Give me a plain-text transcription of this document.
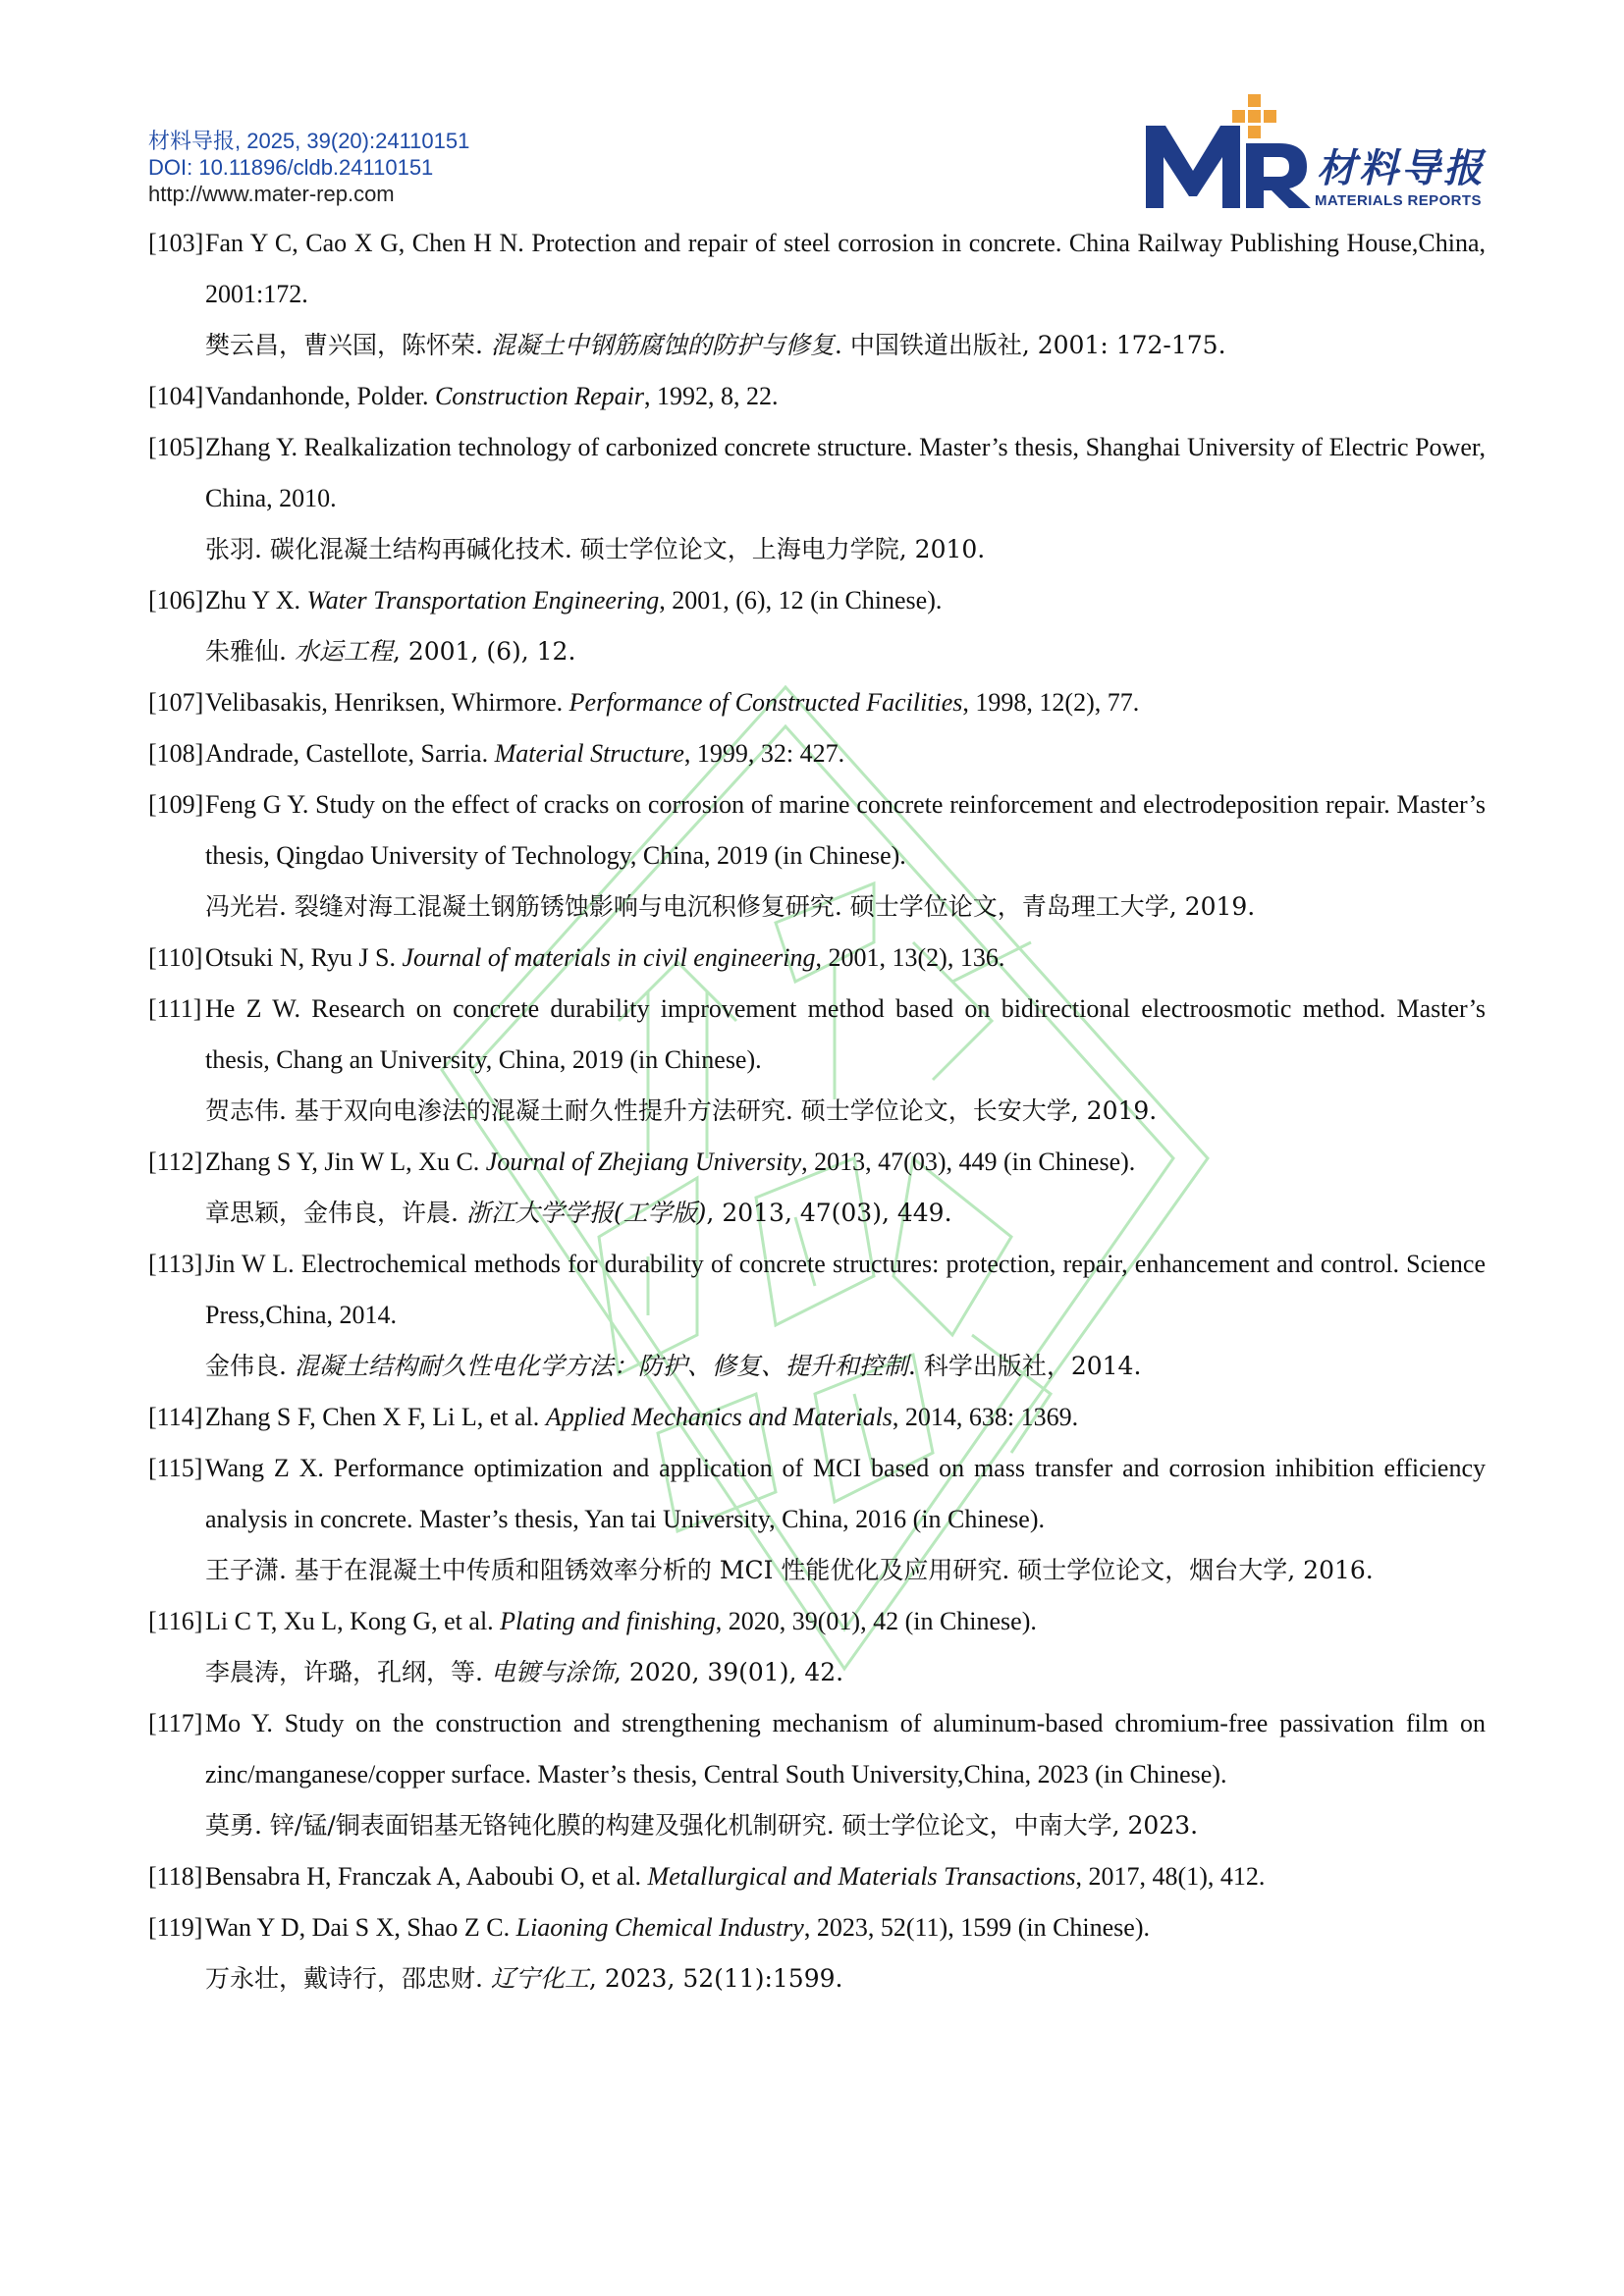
材料导报, 2025, 39(20):24110151
DOI: 10.11896/cldb.24110151
http://www.mater-rep.com
材料导报
MATERIALS REPORTS
[103] Fan Y C, Cao X G, Chen H N. Protection and repair of steel corrosion in concrete. China Railway Publishing House,China, 2001:172.
樊云昌，曹兴国，陈怀荣. 混凝土中钢筋腐蚀的防护与修复. 中国铁道出版社, 2001: 172-175.
[104] Vandanhonde, Polder. Construction Repair, 1992, 8, 22.
[105] Zhang Y. Realkalization technology of carbonized concrete structure. Master’s thesis, Shanghai University of Electric Power, China, 2010.
张羽. 碳化混凝土结构再碱化技术. 硕士学位论文，上海电力学院, 2010.
[106] Zhu Y X. Water Transportation Engineering, 2001, (6), 12 (in Chinese).
朱雅仙. 水运工程, 2001, (6), 12.
[107] Velibasakis, Henriksen, Whirmore. Performance of Constructed Facilities, 1998, 12(2), 77.
[108] Andrade, Castellote, Sarria. Material Structure, 1999, 32: 427.
[109] Feng G Y. Study on the effect of cracks on corrosion of marine concrete reinforcement and electrodeposition repair. Master’s thesis, Qingdao University of Technology, China, 2019 (in Chinese).
冯光岩. 裂缝对海工混凝土钢筋锈蚀影响与电沉积修复研究. 硕士学位论文，青岛理工大学, 2019.
[110] Otsuki N, Ryu J S. Journal of materials in civil engineering, 2001, 13(2), 136.
[111] He Z W. Research on concrete durability improvement method based on bidirectional electroosmotic method. Master’s thesis, Chang an University, China, 2019 (in Chinese).
贺志伟. 基于双向电渗法的混凝土耐久性提升方法研究. 硕士学位论文，长安大学, 2019.
[112] Zhang S Y, Jin W L, Xu C. Journal of Zhejiang University, 2013, 47(03), 449 (in Chinese).
章思颖，金伟良，许晨. 浙江大学学报(工学版), 2013, 47(03), 449.
[113] Jin W L. Electrochemical methods for durability of concrete structures: protection, repair, enhancement and control. Science Press,China, 2014.
金伟良. 混凝土结构耐久性电化学方法：防护、修复、提升和控制. 科学出版社，2014.
[114] Zhang S F, Chen X F, Li L, et al. Applied Mechanics and Materials, 2014, 638: 1369.
[115] Wang Z X. Performance optimization and application of MCI based on mass transfer and corrosion inhibition efficiency analysis in concrete. Master’s thesis, Yan tai University, China, 2016 (in Chinese).
王子潇. 基于在混凝土中传质和阻锈效率分析的 MCI 性能优化及应用研究. 硕士学位论文，烟台大学, 2016.
[116] Li C T, Xu L, Kong G, et al. Plating and finishing, 2020, 39(01), 42 (in Chinese).
李晨涛，许璐，孔纲，等. 电镀与涂饰, 2020, 39(01), 42.
[117] Mo Y. Study on the construction and strengthening mechanism of aluminum-based chromium-free passivation film on zinc/manganese/copper surface. Master’s thesis, Central South University,China, 2023 (in Chinese).
莫勇. 锌/锰/铜表面铝基无铬钝化膜的构建及强化机制研究. 硕士学位论文，中南大学, 2023.
[118] Bensabra H, Franczak A, Aaboubi O, et al. Metallurgical and Materials Transactions, 2017, 48(1), 412.
[119] Wan Y D, Dai S X, Shao Z C. Liaoning Chemical Industry, 2023, 52(11), 1599 (in Chinese).
万永壮，戴诗行，邵忠财. 辽宁化工, 2023, 52(11):1599.
